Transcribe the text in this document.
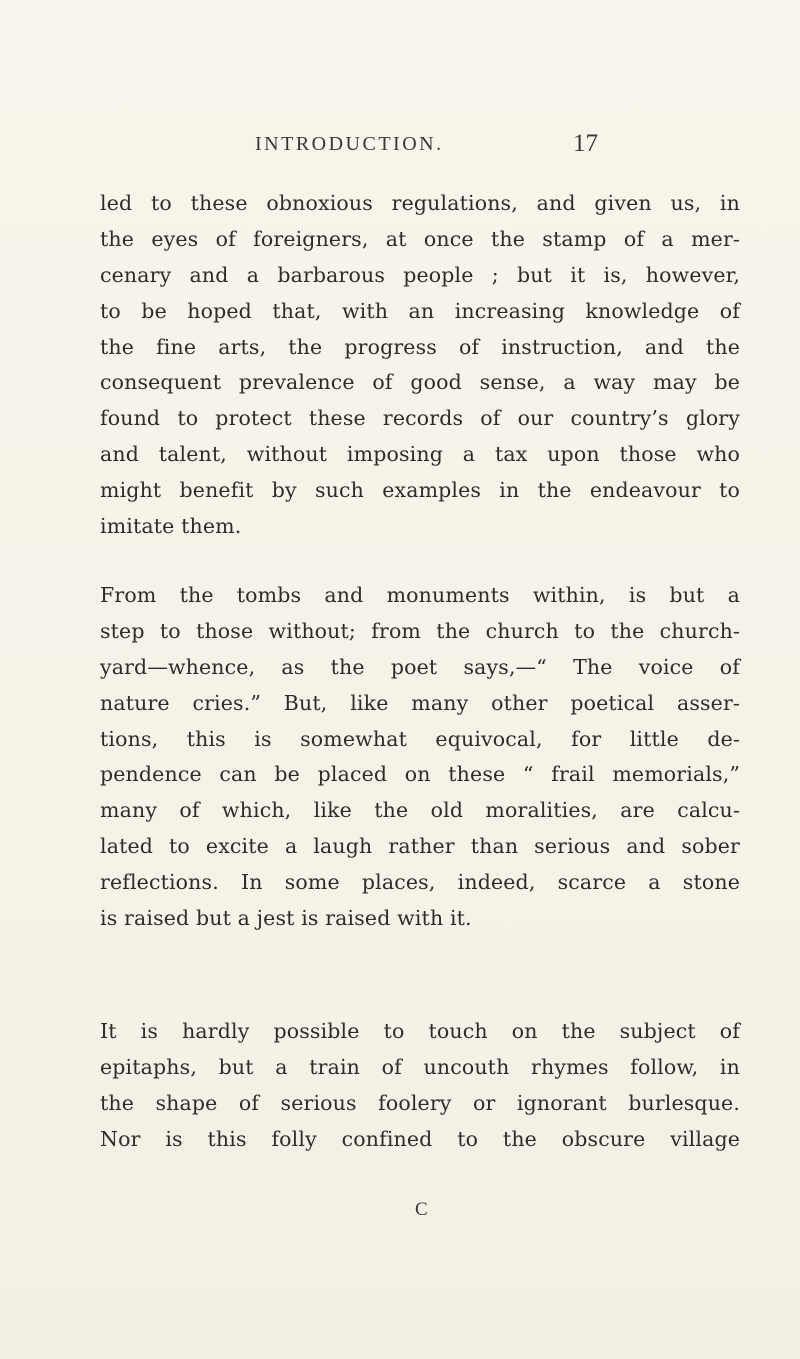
INTRODUCTION.	17
led to these obnoxious regulations, and given us, in
the eyes of foreigners, at once the stamp of a mer-
cenary and a barbarous people ; but it is, however,
to be hoped that, with an increasing knowledge of
the fine arts, the progress of instruction, and the
consequent prevalence of good sense, a way may be
found to protect these records of our country’s glory
and talent, without imposing a tax upon those who
might benefit by such examples in the endeavour to
imitate them.
From the tombs and monuments within, is but a
step to those without; from the church to the church-
yard—whence, as the poet says,—“ The voice of
nature cries.” But, like many other poetical asser-
tions, this is somewhat equivocal, for little de-
pendence can be placed on these “ frail memorials,”
many of which, like the old moralities, are calcu-
lated to excite a laugh rather than serious and sober
reflections. In some places, indeed, scarce a stone
is raised but a jest is raised with it.
It is hardly possible to touch on the subject of
epitaphs, but a train of uncouth rhymes follow, in
the shape of serious foolery or ignorant burlesque.
Nor is this folly confined to the obscure village
C
